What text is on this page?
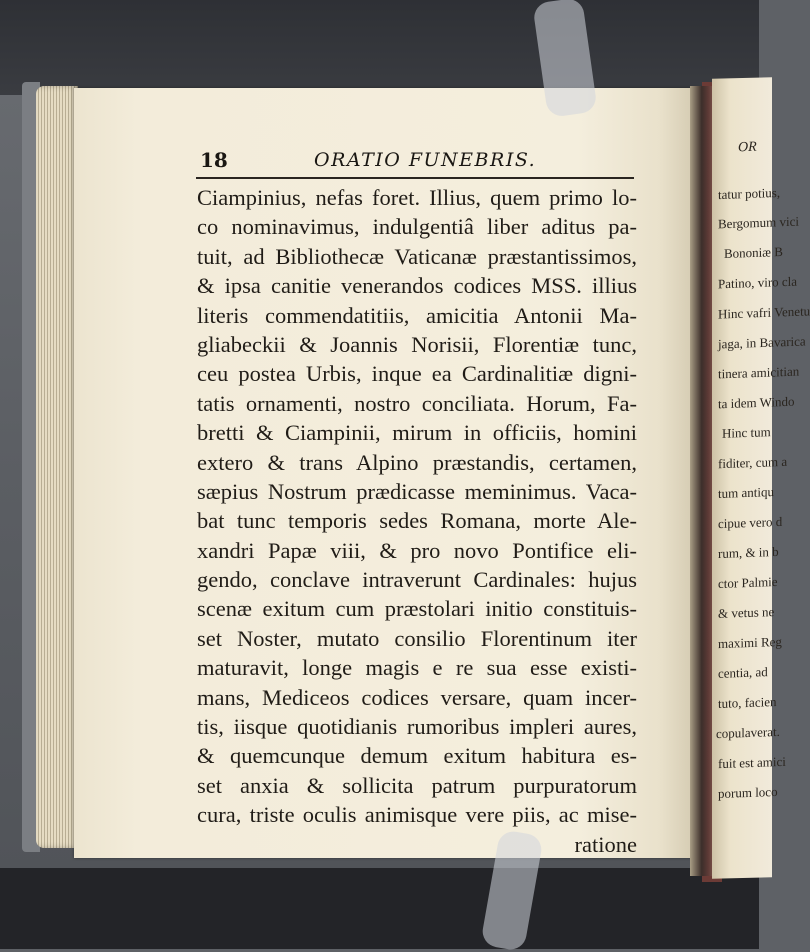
18	ORATIO FUNEBRIS.
Ciampinius, nefas foret. Illius, quem primo lo-
co nominavimus, indulgentiâ liber aditus pa-
tuit, ad Bibliothecæ Vaticanæ præstantissimos,
& ipsa canitie venerandos codices MSS. illius
literis commendatitiis, amicitia Antonii Ma-
gliabeckii & Joannis Norisii, Florentiæ tunc,
ceu postea Urbis, inque ea Cardinalitiæ digni-
tatis ornamenti, nostro conciliata. Horum, Fa-
bretti & Ciampinii, mirum in officiis, homini
extero & trans Alpino præstandis, certamen,
sæpius Nostrum prædicasse meminimus. Vaca-
bat tunc temporis sedes Romana, morte Ale-
xandri Papæ viii, & pro novo Pontifice eli-
gendo, conclave intraverunt Cardinales: hujus
scenæ exitum cum præstolari initio constituis-
set Noster, mutato consilio Florentinum iter
maturavit, longe magis e re sua esse existi-
mans, Mediceos codices versare, quam incer-
tis, iisque quotidianis rumoribus impleri aures,
& quemcunque demum exitum habitura es-
set anxia & sollicita patrum purpuratorum
cura, triste oculis animisque vere piis, ac mise-
ratione
OR
tatur potius,
Bergomum vici
Bononiæ B
Patino, viro cla
Hinc vafri Venetu
jaga, in Bavarica
tinera amicitian
ta idem Windo
Hinc tum
fiditer, cum a
tum antiqu
cipue vero d
rum, & in b
ctor Palmie
& vetus ne
maximi Reg
centia, ad
tuto, facien
copulaverat.
fuit est amici
porum loco
